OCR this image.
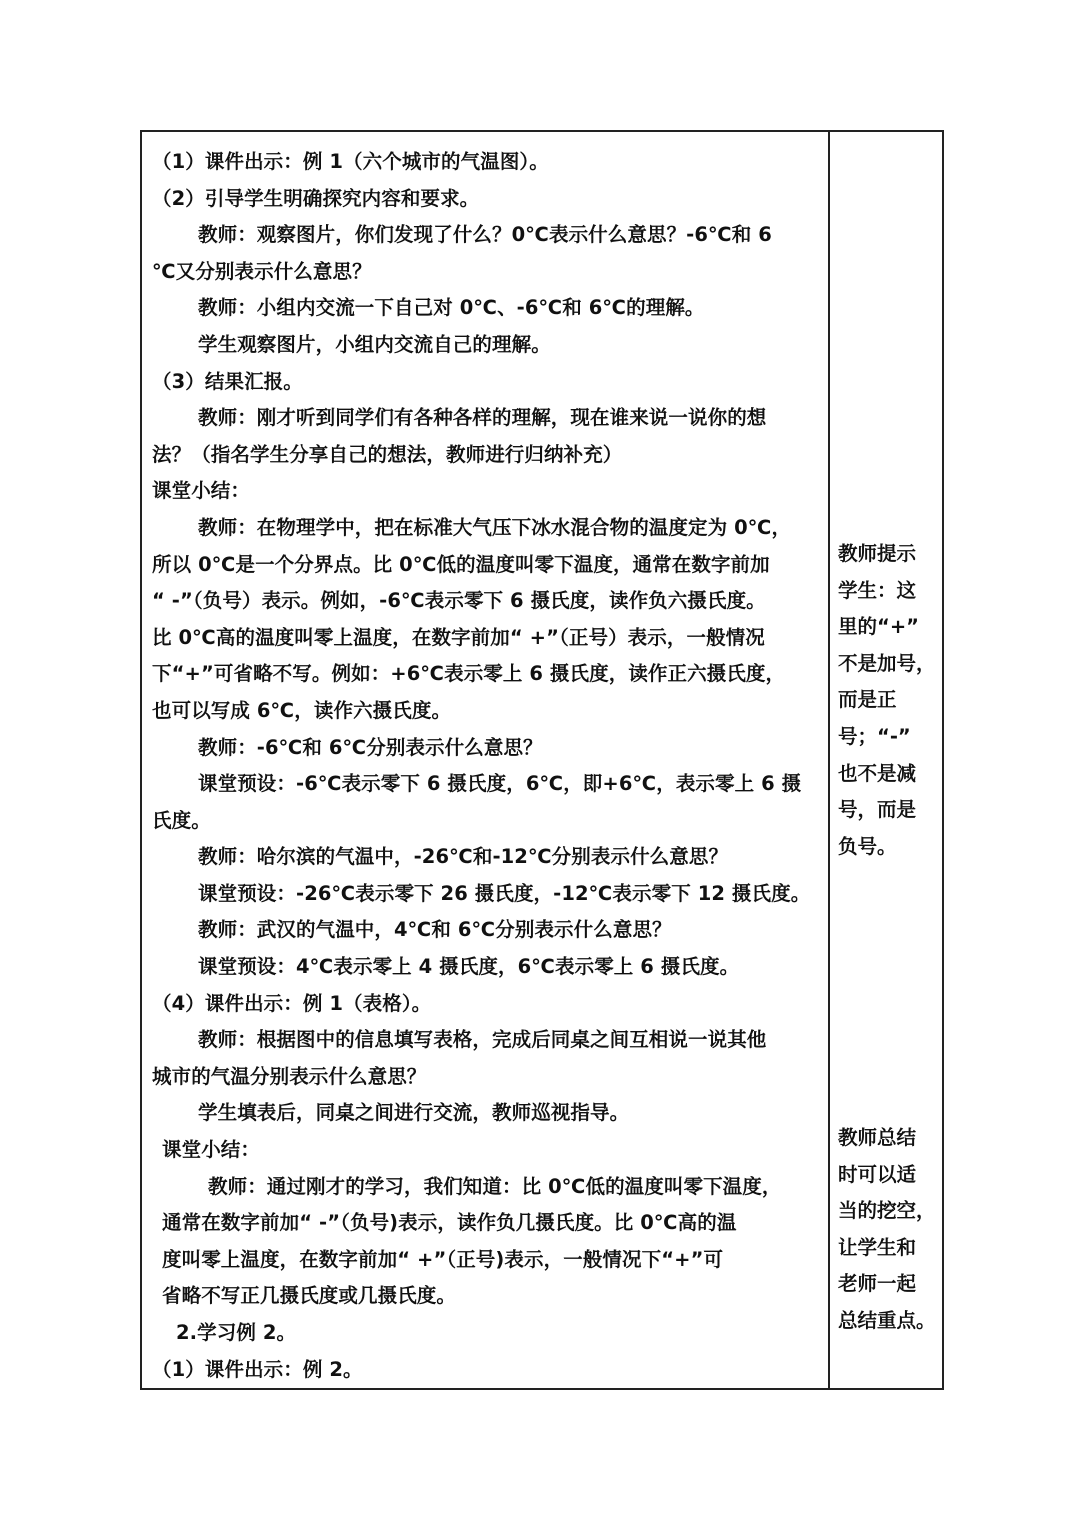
（1）课件出示：例 1（六个城市的气温图）。
（2）引导学生明确探究内容和要求。
教师：观察图片，你们发现了什么？0℃表示什么意思？-6℃和 6
℃又分别表示什么意思？
教师：小组内交流一下自己对 0℃、-6℃和 6℃的理解。
学生观察图片，小组内交流自己的理解。
（3）结果汇报。
教师：刚才听到同学们有各种各样的理解，现在谁来说一说你的想
法？（指名学生分享自己的想法，教师进行归纳补充）
课堂小结：
教师：在物理学中，把在标准大气压下冰水混合物的温度定为 0℃，
所以 0℃是一个分界点。比 0℃低的温度叫零下温度，通常在数字前加
“ -”（负号）表示。例如，-6℃表示零下 6 摄氏度，读作负六摄氏度。
比 0℃高的温度叫零上温度，在数字前加“ +”（正号）表示，一般情况
下“+”可省略不写。例如：+6℃表示零上 6 摄氏度，读作正六摄氏度，
也可以写成 6℃，读作六摄氏度。
教师：-6℃和 6℃分别表示什么意思？
课堂预设：-6℃表示零下 6 摄氏度，6℃，即+6℃，表示零上 6 摄
氏度。
教师：哈尔滨的气温中，-26℃和-12℃分别表示什么意思？
课堂预设：-26℃表示零下 26 摄氏度，-12℃表示零下 12 摄氏度。
教师：武汉的气温中，4℃和 6℃分别表示什么意思？
课堂预设：4℃表示零上 4 摄氏度，6℃表示零上 6 摄氏度。
（4）课件出示：例 1（表格）。
教师：根据图中的信息填写表格，完成后同桌之间互相说一说其他
城市的气温分别表示什么意思？
学生填表后，同桌之间进行交流，教师巡视指导。
课堂小结：
教师：通过刚才的学习，我们知道：比 0℃低的温度叫零下温度，
通常在数字前加“ -”（负号)表示，读作负几摄氏度。比 0℃高的温
度叫零上温度，在数字前加“ +”（正号)表示，一般情况下“+”可
省略不写正几摄氏度或几摄氏度。
2.学习例 2。
（1）课件出示：例 2。

教师提示
学生：这
里的“+”
不是加号，
而是正
号；“-”
也不是减
号，而是
负号。
教师总结
时可以适
当的挖空，
让学生和
老师一起
总结重点。
